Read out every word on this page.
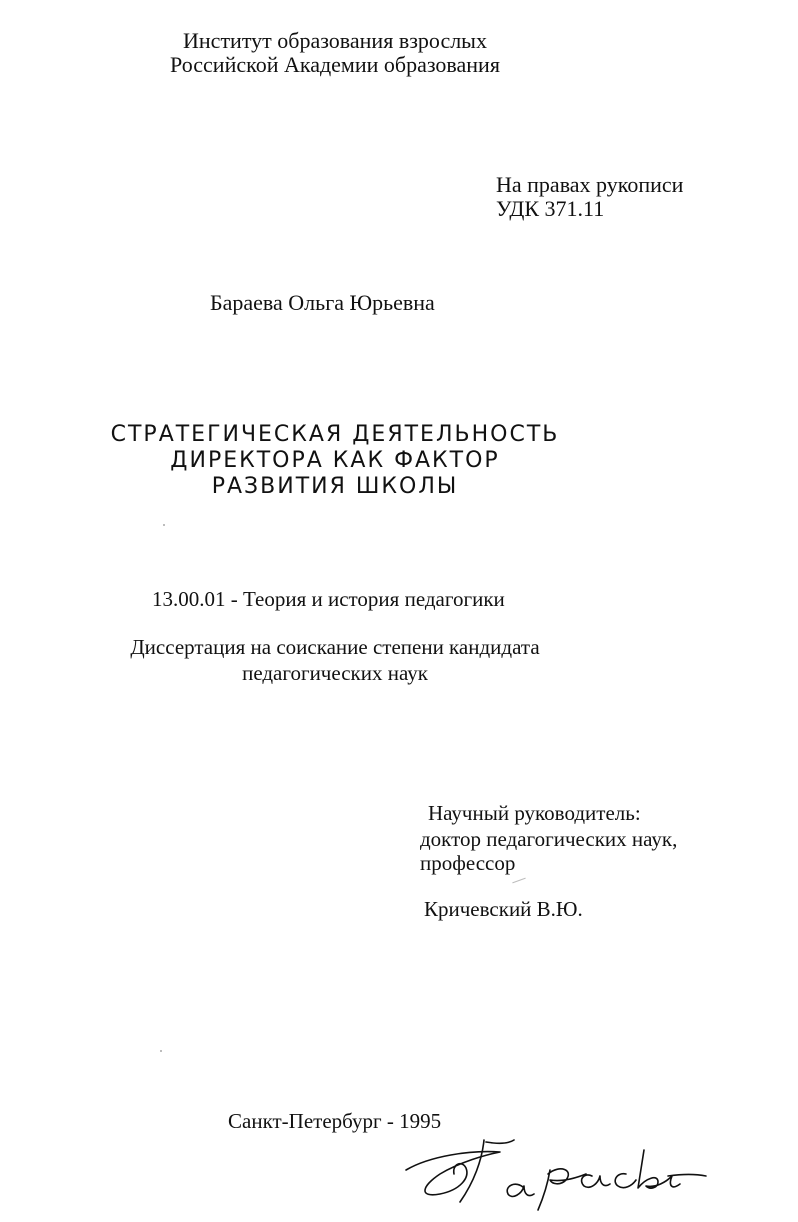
Институт образования взрослых
Российской Академии образования
На правах рукописи
УДК 371.11
Бараева Ольга Юрьевна
СТРАТЕГИЧЕСКАЯ ДЕЯТЕЛЬНОСТЬ
ДИРЕКТОРА КАК ФАКТОР
РАЗВИТИЯ ШКОЛЫ
13.00.01 - Теория и история педагогики
Диссертация на соискание степени кандидата
педагогических наук
Научный руководитель:
доктор педагогических наук,
профессор
Кричевский В.Ю.
Санкт-Петербург - 1995
